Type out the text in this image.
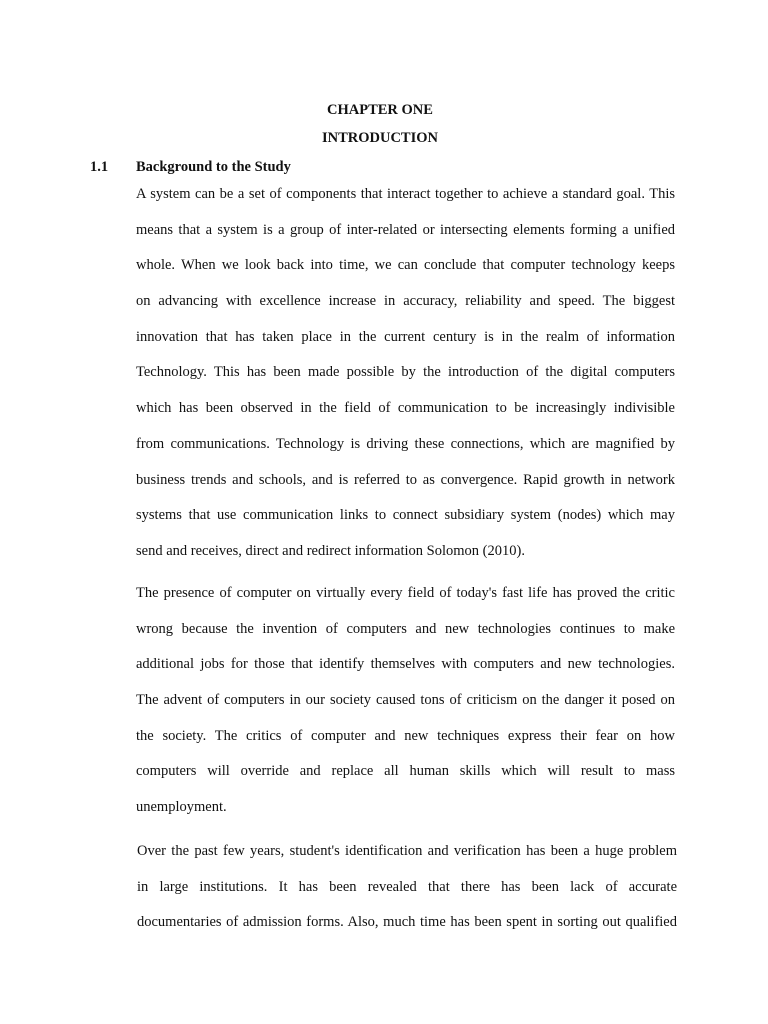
CHAPTER ONE
INTRODUCTION
1.1 Background to the Study
A system can be a set of components that interact together to achieve a standard goal. This
means that a system is a group of inter-related or intersecting elements forming a unified
whole. When we look back into time, we can conclude that computer technology keeps
on advancing with excellence increase in accuracy, reliability and speed. The biggest
innovation that has taken place in the current century is in the realm of information
Technology. This has been made possible by the introduction of the digital computers
which has been observed in the field of communication to be increasingly indivisible
from communications. Technology is driving these connections, which are magnified by
business trends and schools, and is referred to as convergence. Rapid growth in network
systems that use communication links to connect subsidiary system (nodes) which may
send and receives, direct and redirect information Solomon (2010).
The presence of computer on virtually every field of today's fast life has proved the critic
wrong because the invention of computers and new technologies continues to make
additional jobs for those that identify themselves with computers and new technologies.
The advent of computers in our society caused tons of criticism on the danger it posed on
the society. The critics of computer and new techniques express their fear on how
computers will override and replace all human skills which will result to mass
unemployment.
Over the past few years, student's identification and verification has been a huge problem
in large institutions. It has been revealed that there has been lack of accurate
documentaries of admission forms. Also, much time has been spent in sorting out qualified
